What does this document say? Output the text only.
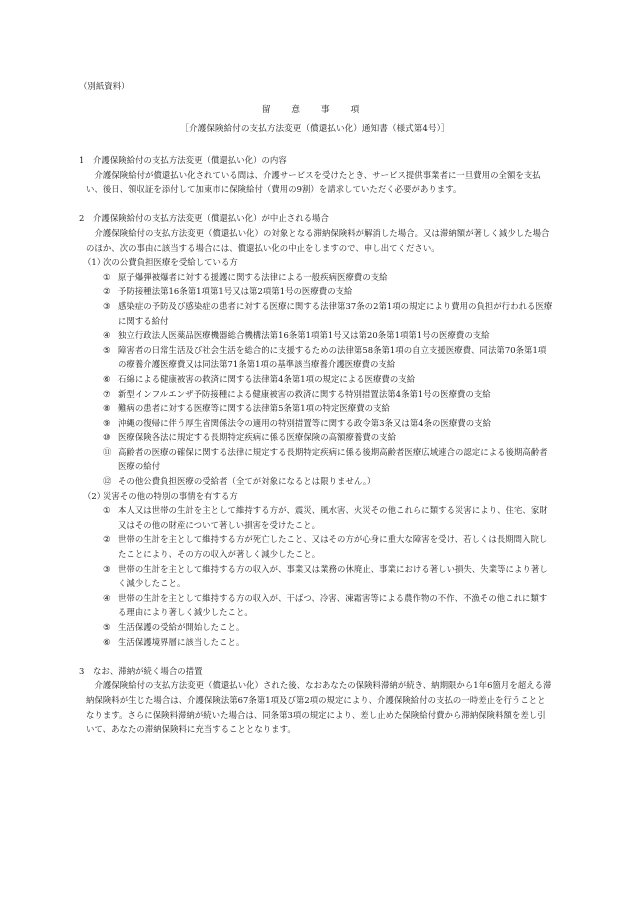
（別紙資料）
留 意 事 項
［介護保険給付の支払方法変更（償還払い化）通知書（様式第4号）］
1	介護保険給付の支払方法変更（償還払い化）の内容
介護保険給付が償還払い化されている間は、介護サービスを受けたとき、サービス提供事業者に一旦費用の全額を支払い、後日、領収証を添付して加東市に保険給付（費用の9割）を請求していただく必要があります。
2	介護保険給付の支払方法変更（償還払い化）が中止される場合
介護保険給付の支払方法変更（償還払い化）の対象となる滞納保険料が解消した場合。又は滞納額が著しく減少した場合のほか、次の事由に該当する場合には、償還払い化の中止をしますので、申し出てください。
（1）
次の公費負担医療を受給している方
① 原子爆弾被爆者に対する援護に関する法律による一般疾病医療費の支給
② 予防接種法第16条第1項第1号又は第2項第1号の医療費の支給
③ 感染症の予防及び感染症の患者に対する医療に関する法律第37条の2第1項の規定により費用の負担が行われる医療に関する給付
④ 独立行政法人医薬品医療機器総合機構法第16条第1項第1号又は第20条第1項第1号の医療費の支給
⑤ 障害者の日常生活及び社会生活を総合的に支援するための法律第58条第1項の自立支援医療費、同法第70条第1項の療養介護医療費又は同法第71条第1項の基準該当療養介護医療費の支給
⑥ 石綿による健康被害の救済に関する法律第4条第1項の規定による医療費の支給
⑦ 新型インフルエンザ予防接種による健康被害の救済に関する特別措置法第4条第1号の医療費の支給
⑧ 難病の患者に対する医療等に関する法律第5条第1項の特定医療費の支給
⑨ 沖縄の復帰に伴う厚生省関係法令の適用の特別措置等に関する政令第3条又は第4条の医療費の支給
⑩ 医療保険各法に規定する長期特定疾病に係る医療保険の高額療養費の支給
⑪ 高齢者の医療の確保に関する法律に規定する長期特定疾病に係る後期高齢者医療広域連合の認定による後期高齢者医療の給付
⑫ その他公費負担医療の受給者（全てが対象になるとは限りません。）
（2）
災害その他の特別の事情を有する方
① 本人又は世帯の生計を主として維持する方が、震災、風水害、火災その他これらに類する災害により、住宅、家財又はその他の財産について著しい損害を受けたこと。
② 世帯の生計を主として維持する方が死亡したこと、又はその方が心身に重大な障害を受け、若しくは長期間入院したことにより、その方の収入が著しく減少したこと。
③ 世帯の生計を主として維持する方の収入が、事業又は業務の休廃止、事業における著しい損失、失業等により著しく減少したこと。
④ 世帯の生計を主として維持する方の収入が、干ばつ、冷害、凍霜害等による農作物の不作、不漁その他これに類する理由により著しく減少したこと。
⑤ 生活保護の受給が開始したこと。
⑥ 生活保護境界層に該当したこと。
3	なお、滞納が続く場合の措置
介護保険給付の支払方法変更（償還払い化）された後、なおあなたの保険料滞納が続き、納期限から1年6箇月を超える滞納保険料が生じた場合は、介護保険法第67条第1項及び第2項の規定により、介護保険給付の支払の一時差止を行うこととなります。さらに保険料滞納が続いた場合は、同条第3項の規定により、差し止めた保険給付費から滞納保険料額を差し引いて、あなたの滞納保険料に充当することとなります。
